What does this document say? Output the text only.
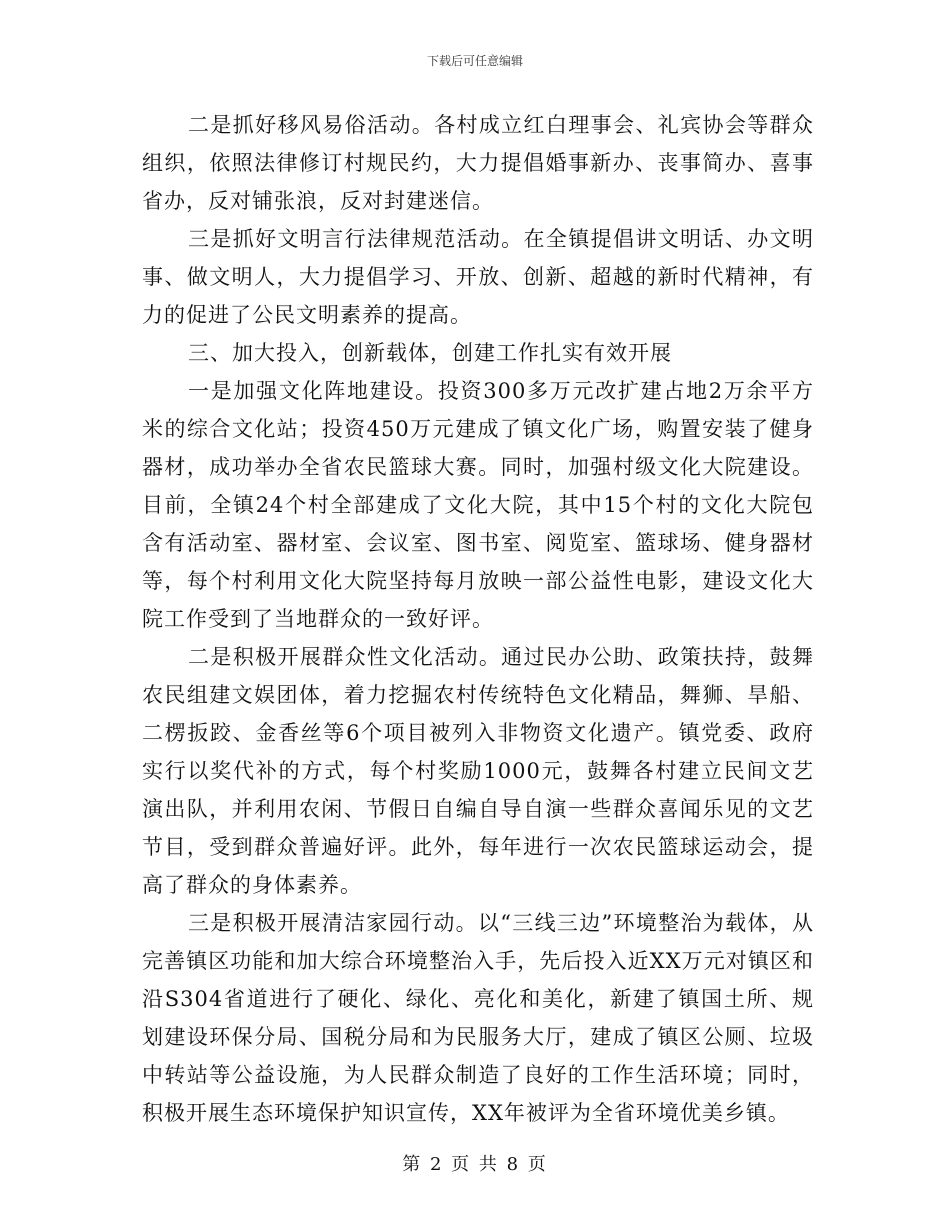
下载后可任意编辑

二是抓好移风易俗活动。各村成立红白理事会、礼宾协会等群众组织，依照法律修订村规民约，大力提倡婚事新办、丧事简办、喜事省办，反对铺张浪，反对封建迷信。

三是抓好文明言行法律规范活动。在全镇提倡讲文明话、办文明事、做文明人，大力提倡学习、开放、创新、超越的新时代精神，有力的促进了公民文明素养的提高。

三、加大投入，创新载体，创建工作扎实有效开展

一是加强文化阵地建设。投资300多万元改扩建占地2万余平方米的综合文化站；投资450万元建成了镇文化广场，购置安装了健身器材，成功举办全省农民篮球大赛。同时，加强村级文化大院建设。目前，全镇24个村全部建成了文化大院，其中15个村的文化大院包含有活动室、器材室、会议室、图书室、阅览室、篮球场、健身器材等，每个村利用文化大院坚持每月放映一部公益性电影，建设文化大院工作受到了当地群众的一致好评。

二是积极开展群众性文化活动。通过民办公助、政策扶持，鼓舞农民组建文娱团体，着力挖掘农村传统特色文化精品，舞狮、旱船、二楞扳跤、金香丝等6个项目被列入非物资文化遗产。镇党委、政府实行以奖代补的方式，每个村奖励1000元，鼓舞各村建立民间文艺演出队，并利用农闲、节假日自编自导自演一些群众喜闻乐见的文艺节目，受到群众普遍好评。此外，每年进行一次农民篮球运动会，提高了群众的身体素养。

三是积极开展清洁家园行动。以“三线三边”环境整治为载体，从完善镇区功能和加大综合环境整治入手，先后投入近XX万元对镇区和沿S304省道进行了硬化、绿化、亮化和美化，新建了镇国土所、规划建设环保分局、国税分局和为民服务大厅，建成了镇区公厕、垃圾中转站等公益设施，为人民群众制造了良好的工作生活环境；同时，积极开展生态环境保护知识宣传，XX年被评为全省环境优美乡镇。

第 2 页 共 8 页
